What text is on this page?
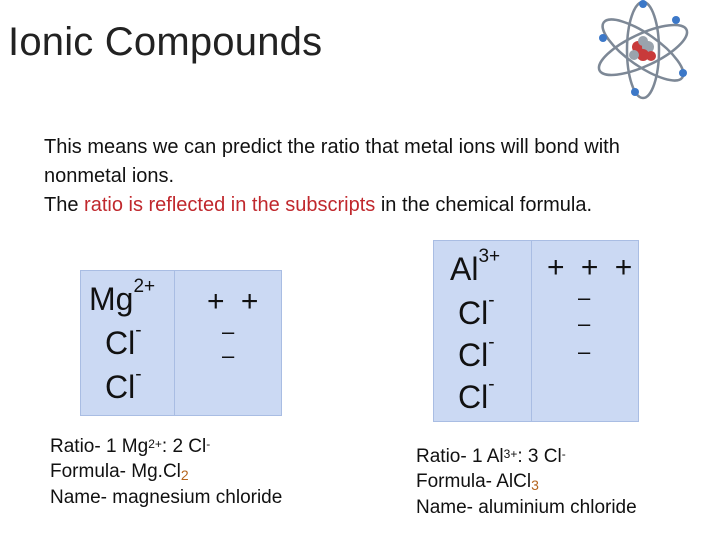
Ionic Compounds
This means we can predict the ratio that metal ions will bond with nonmetal ions.
The ratio is reflected in the subscripts in the chemical formula.
$Mg^{2+}$
Cl-
Cl-
+ +
–
–
$Al^{3+}$
Cl-
Cl-
Cl-
+ + +
–
–
–
Ratio- 1 $Mg^{2+}$: 2 Cl-
Formula- $Mg.Cl_2$
Name- magnesium chloride
Ratio- 1 $Al^{3+}$: 3 Cl-
Formula- AlCl$_3$
Name- aluminium chloride
